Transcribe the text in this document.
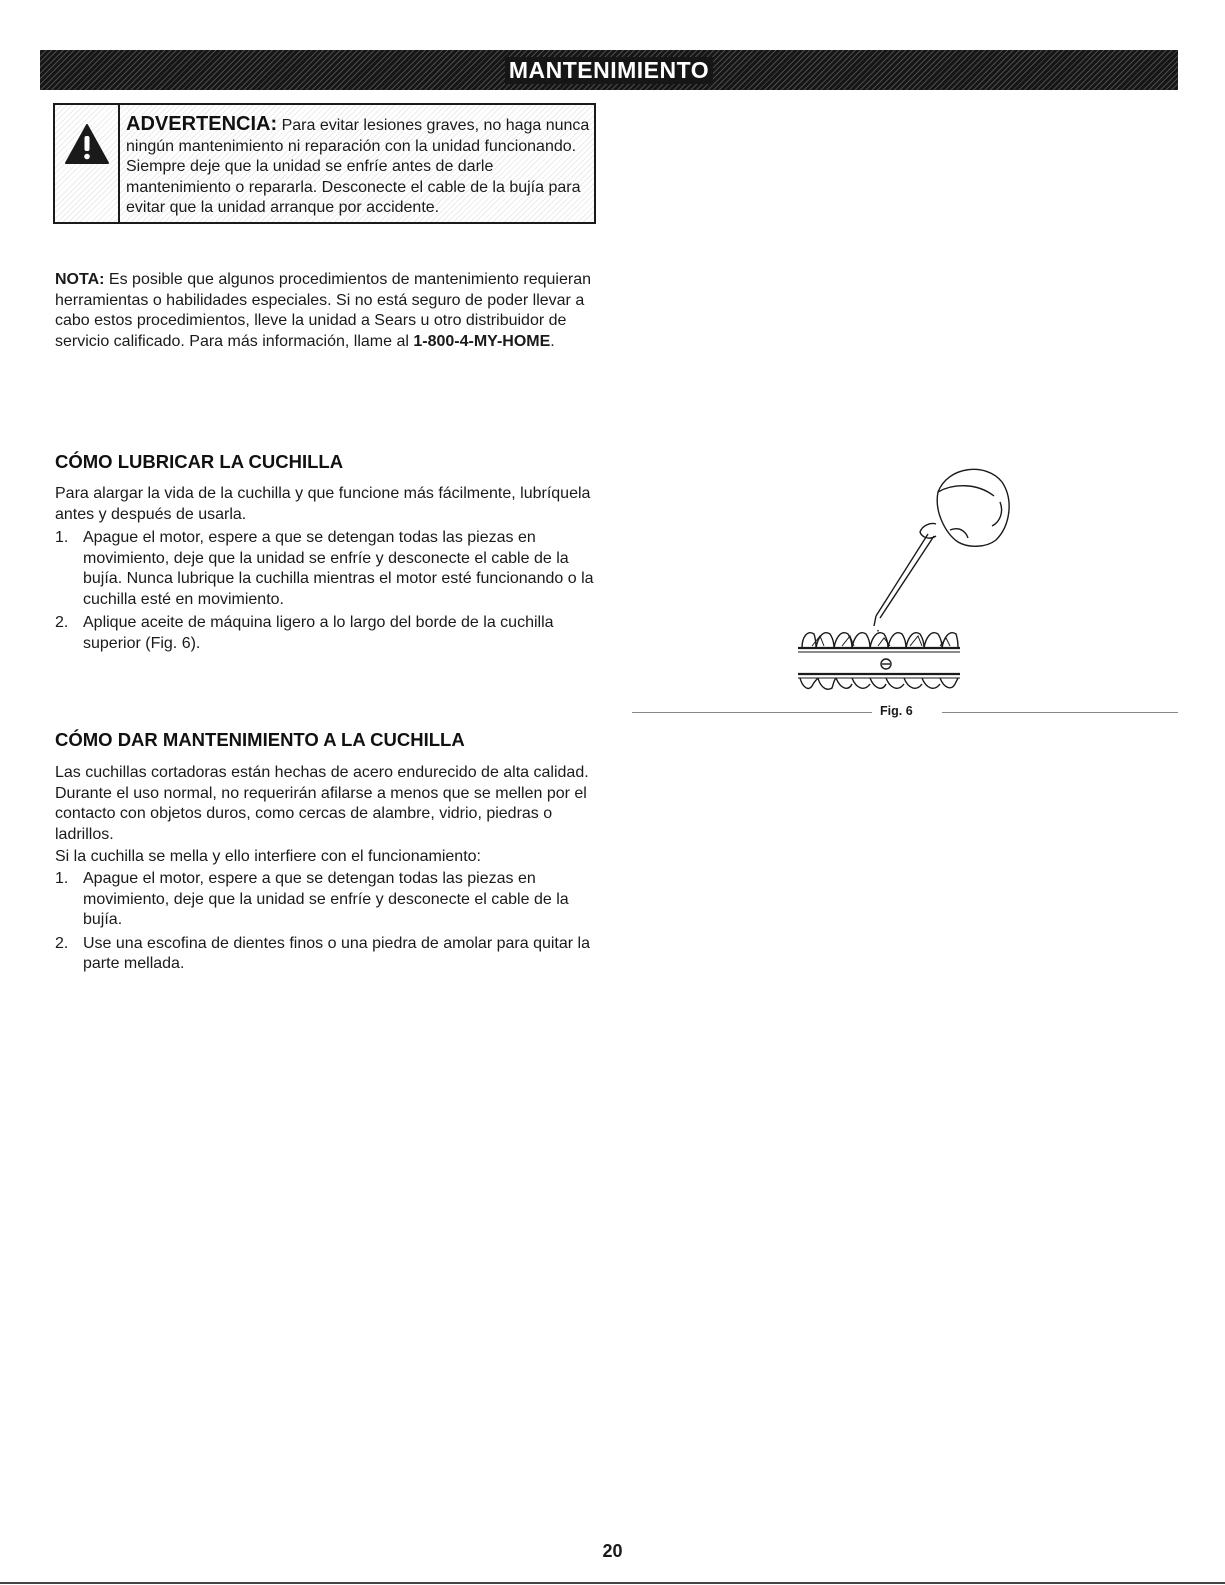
MANTENIMIENTO
ADVERTENCIA: Para evitar lesiones graves, no haga nunca ningún mantenimiento ni reparación con la unidad funcionando. Siempre deje que la unidad se enfríe antes de darle mantenimiento o repararla. Desconecte el cable de la bujía para evitar que la unidad arranque por accidente.
NOTA: Es posible que algunos procedimientos de mantenimiento requieran herramientas o habilidades especiales. Si no está seguro de poder llevar a cabo estos procedimientos, lleve la unidad a Sears u otro distribuidor de servicio calificado. Para más información, llame al 1-800-4-MY-HOME.
CÓMO LUBRICAR LA CUCHILLA

Para alargar la vida de la cuchilla y que funcione más fácilmente, lubríquela antes y después de usarla.

1. Apague el motor, espere a que se detengan todas las piezas en movimiento, deje que la unidad se enfríe y desconecte el cable de la bujía. Nunca lubrique la cuchilla mientras el motor esté funcionando o la cuchilla esté en movimiento.
2. Aplique aceite de máquina ligero a lo largo del borde de la cuchilla superior (Fig. 6).
CÓMO DAR MANTENIMIENTO A LA CUCHILLA

Las cuchillas cortadoras están hechas de acero endurecido de alta calidad. Durante el uso normal, no requerirán afilarse a menos que se mellen por el contacto con objetos duros, como cercas de alambre, vidrio, piedras o ladrillos.

Si la cuchilla se mella y ello interfiere con el funcionamiento:

1. Apague el motor, espere a que se detengan todas las piezas en movimiento, deje que la unidad se enfríe y desconecte el cable de la bujía.
2. Use una escofina de dientes finos o una piedra de amolar para quitar la parte mellada.
Fig. 6
20
